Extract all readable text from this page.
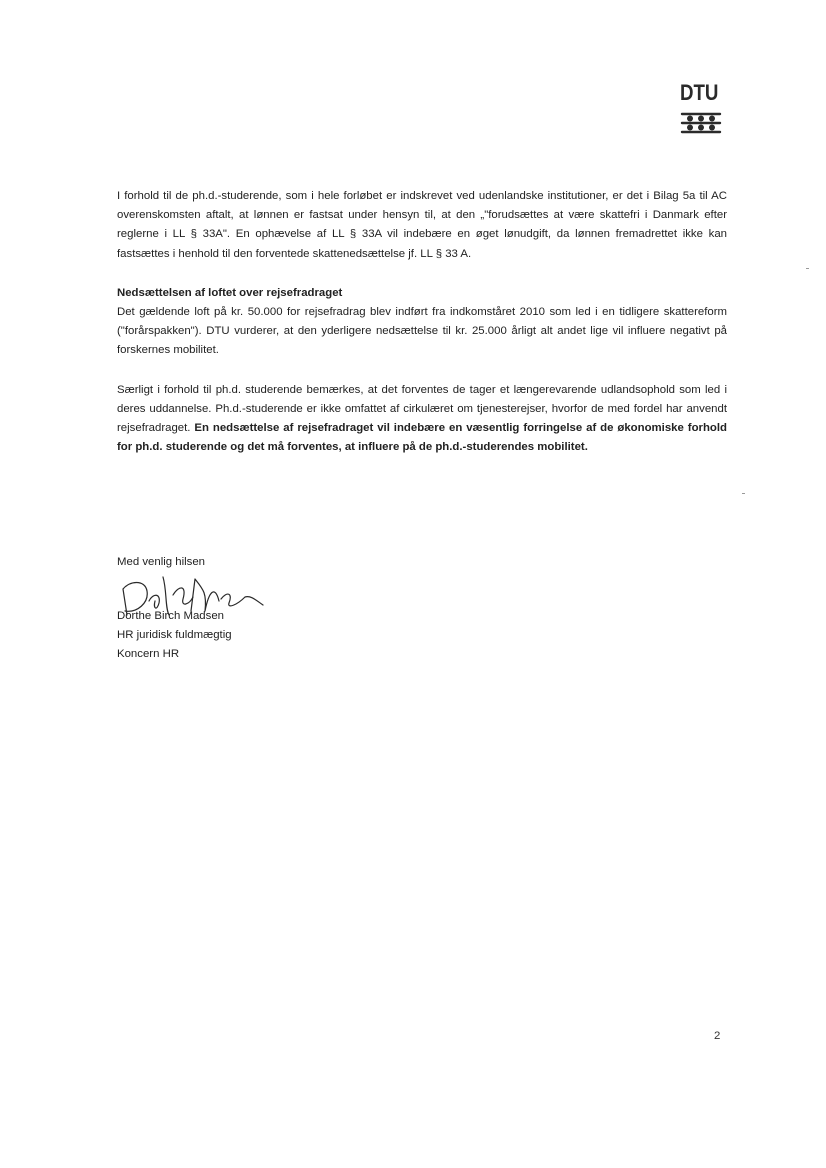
DTU

I forhold til de ph.d.-studerende, som i hele forløbet er indskrevet ved udenlandske institutioner, er det i Bilag 5a til AC overenskomsten aftalt, at lønnen er fastsat under hensyn til, at den „"forudsættes at være skattefri i Danmark efter reglerne i LL § 33A". En ophævelse af LL § 33A vil indebære en øget lønudgift, da lønnen fremadrettet ikke kan fastsættes i henhold til den forventede skattenedsættelse jf. LL § 33 A.

Nedsættelsen af loftet over rejsefradraget
Det gældende loft på kr. 50.000 for rejsefradrag blev indført fra indkomståret 2010 som led i en tidligere skattereform ("forårspakken"). DTU vurderer, at den yderligere nedsættelse til kr. 25.000 årligt alt andet lige vil influere negativt på forskernes mobilitet.

Særligt i forhold til ph.d. studerende bemærkes, at det forventes de tager et længerevarende udlandsophold som led i deres uddannelse. Ph.d.-studerende er ikke omfattet af cirkulæret om tjenesterejser, hvorfor de med fordel har anvendt rejsefradraget. En nedsættelse af rejsefradraget vil indebære en væsentlig forringelse af de økonomiske forhold for ph.d. studerende og det må forventes, at influere på de ph.d.-studerendes mobilitet.

Med venlig hilsen
Dorthe Birch Madsen
HR juridisk fuldmægtig
Koncern HR
2
